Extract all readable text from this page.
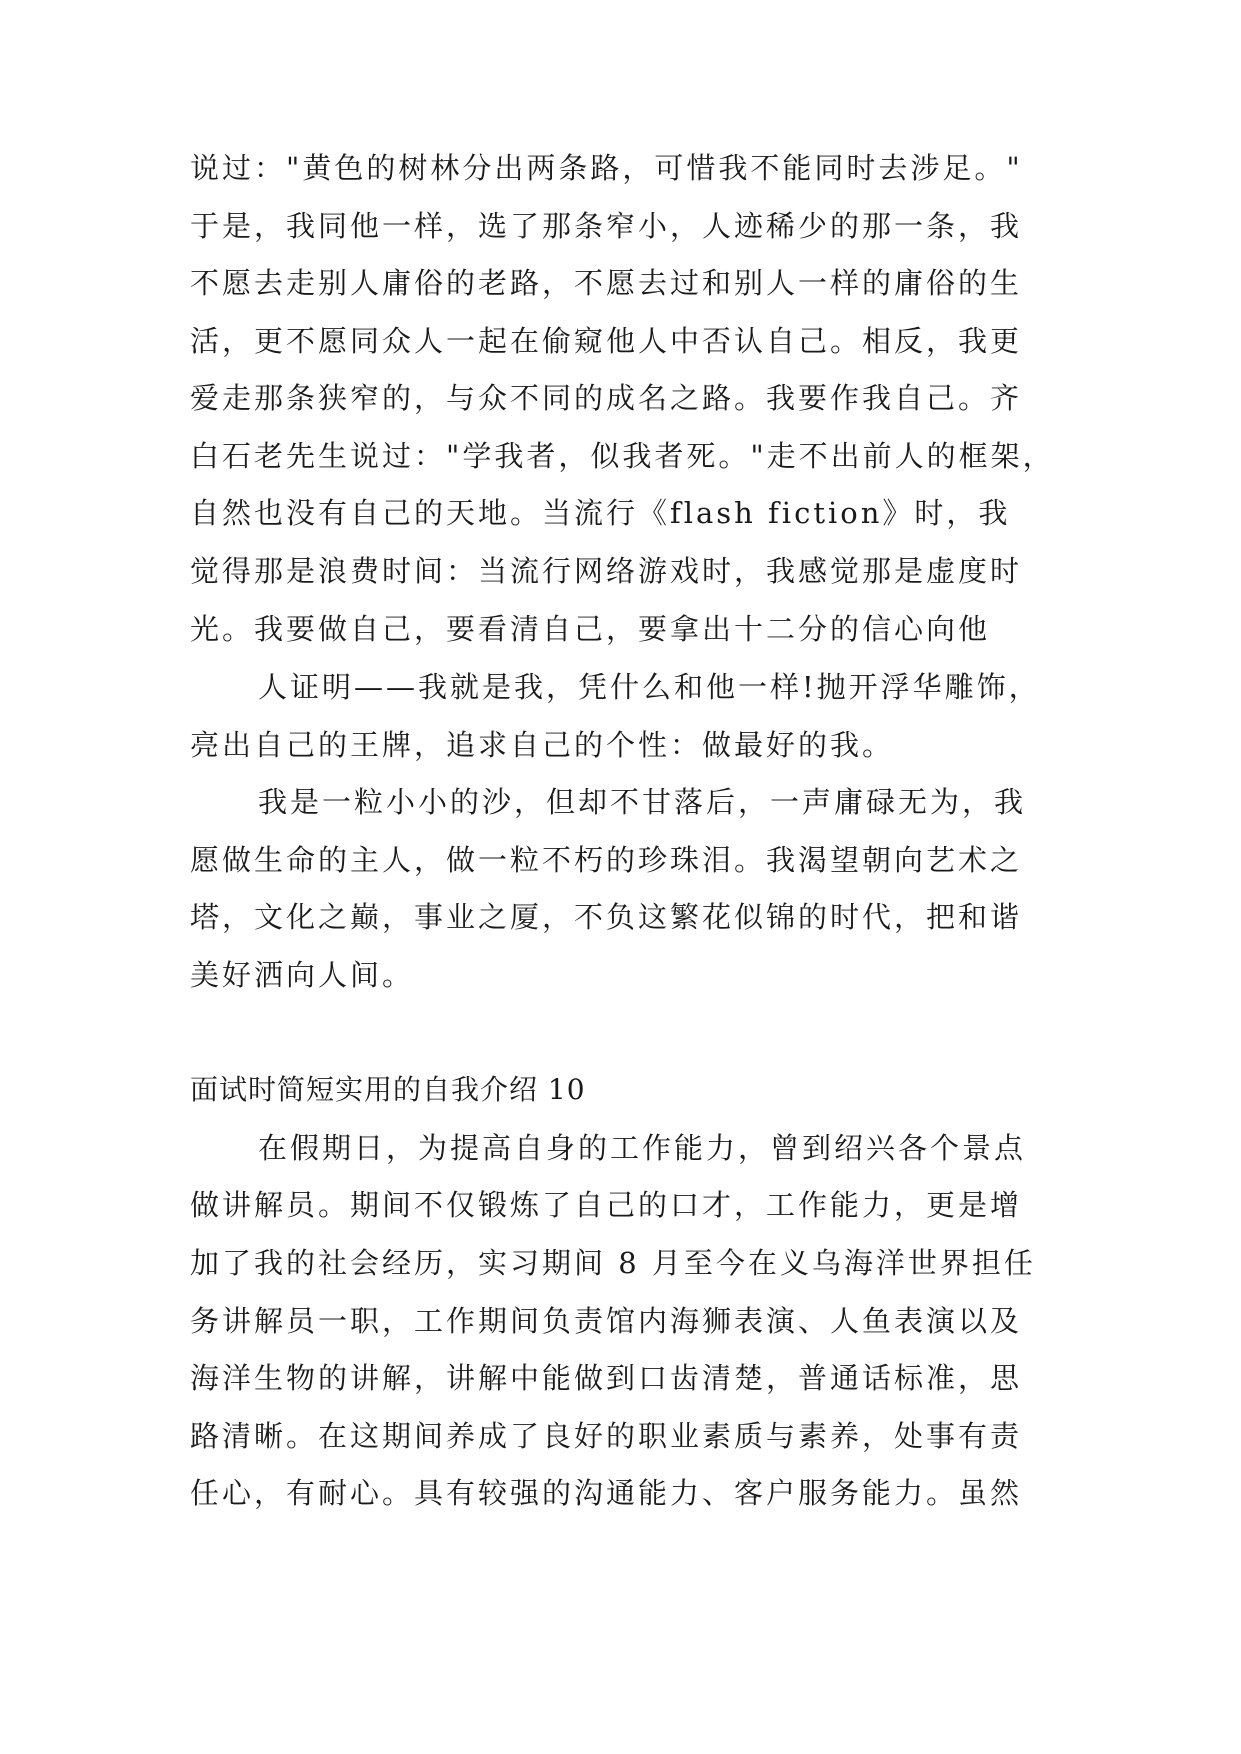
说过："黄色的树林分出两条路，可惜我不能同时去涉足。"
于是，我同他一样，选了那条窄小，人迹稀少的那一条，我
不愿去走别人庸俗的老路，不愿去过和别人一样的庸俗的生
活，更不愿同众人一起在偷窥他人中否认自己。相反，我更
爱走那条狭窄的，与众不同的成名之路。我要作我自己。齐
白石老先生说过："学我者，似我者死。"走不出前人的框架，
自然也没有自己的天地。当流行《flash fiction》时，我
觉得那是浪费时间：当流行网络游戏时，我感觉那是虚度时
光。我要做自己，要看清自己，要拿出十二分的信心向他
人证明——我就是我，凭什么和他一样!抛开浮华雕饰，
亮出自己的王牌，追求自己的个性：做最好的我。
我是一粒小小的沙，但却不甘落后，一声庸碌无为，我
愿做生命的主人，做一粒不朽的珍珠泪。我渴望朝向艺术之
塔，文化之巅，事业之厦，不负这繁花似锦的时代，把和谐
美好洒向人间。
面试时简短实用的自我介绍 10
在假期日，为提高自身的工作能力，曾到绍兴各个景点
做讲解员。期间不仅锻炼了自己的口才，工作能力，更是增
加了我的社会经历，实习期间 8 月至今在义乌海洋世界担任
务讲解员一职，工作期间负责馆内海狮表演、人鱼表演以及
海洋生物的讲解，讲解中能做到口齿清楚，普通话标准，思
路清晰。在这期间养成了良好的职业素质与素养，处事有责
任心，有耐心。具有较强的沟通能力、客户服务能力。虽然
